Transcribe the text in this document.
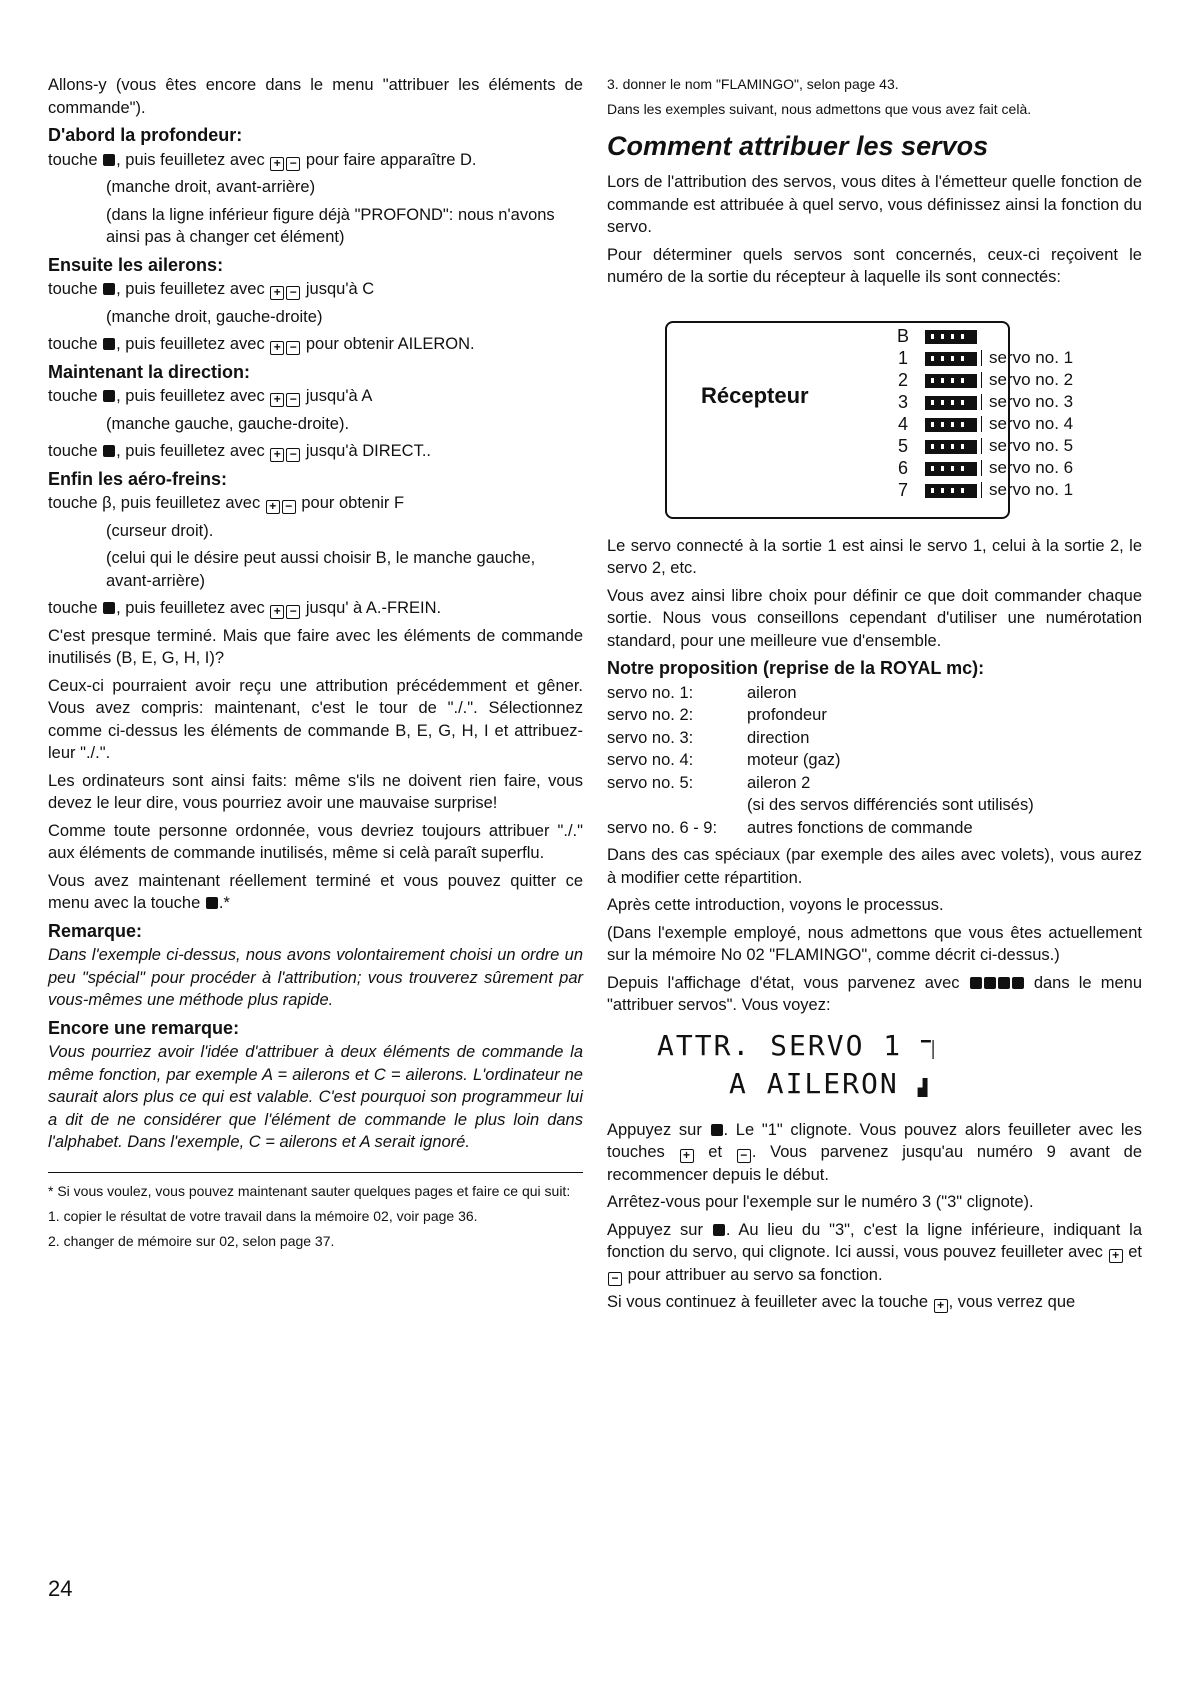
Allons-y (vous êtes encore dans le menu "attribuer les éléments de commande").

D'abord la profondeur:

touche , puis feuilletez avec + − pour faire apparaître D.

(manche droit, avant-arrière)

(dans la ligne inférieur figure déjà "PROFOND": nous n'avons ainsi pas à changer cet élément)

Ensuite les ailerons:

touche , puis feuilletez avec + − jusqu'à C

(manche droit, gauche-droite)

touche , puis feuilletez avec + − pour obtenir AILERON.

Maintenant la direction:

touche , puis feuilletez avec + − jusqu'à A

(manche gauche, gauche-droite).

touche , puis feuilletez avec + − jusqu'à DIRECT..

Enfin les aéro-freins:

touche β, puis feuilletez avec + − pour obtenir F

(curseur droit).

(celui qui le désire peut aussi choisir B, le manche gauche, avant-arrière)

touche , puis feuilletez avec + − jusqu' à A.-FREIN.

C'est presque terminé. Mais que faire avec les éléments de commande inutilisés (B, E, G, H, I)?

Ceux-ci pourraient avoir reçu une attribution précédemment et gêner. Vous avez compris: maintenant, c'est le tour de "./.". Sélectionnez comme ci-dessus les éléments de commande B, E, G, H, I et attribuez-leur "./.".

Les ordinateurs sont ainsi faits: même s'ils ne doivent rien faire, vous devez le leur dire, vous pourriez avoir une mauvaise surprise!

Comme toute personne ordonnée, vous devriez toujours attribuer "./." aux éléments de commande inutilisés, même si celà paraît superflu.

Vous avez maintenant réellement terminé et vous pouvez quitter ce menu avec la touche .*

Remarque:

Dans l'exemple ci-dessus, nous avons volontairement choisi un ordre un peu "spécial" pour procéder à l'attribution; vous trouverez sûrement par vous-mêmes une méthode plus rapide.

Encore une remarque:

Vous pourriez avoir l'idée d'attribuer à deux éléments de commande la même fonction, par exemple A = ailerons et C = ailerons. L'ordinateur ne saurait alors plus ce qui est valable. C'est pourquoi son programmeur lui a dit de ne considérer que l'élément de commande le plus loin dans l'alphabet. Dans l'exemple, C = ailerons et A serait ignoré.

* Si vous voulez, vous pouvez maintenant sauter quelques pages et faire ce qui suit:

1. copier le résultat de votre travail dans la mémoire 02, voir page 36.

2. changer de mémoire sur 02, selon page 37.

3. donner le nom "FLAMINGO", selon page 43.

Dans les exemples suivant, nous admettons que vous avez fait celà.

Comment attribuer les servos

Lors de l'attribution des servos, vous dites à l'émetteur quelle fonction de commande est attribuée à quel servo, vous définissez ainsi la fonction du servo.

Pour déterminer quels servos sont concernés, ceux-ci reçoivent le numéro de la sortie du récepteur à laquelle ils sont connectés:

Récepteur
B
1	servo no. 1
2	servo no. 2
3	servo no. 3
4	servo no. 4
5	servo no. 5
6	servo no. 6
7	servo no. 1

Le servo connecté à la sortie 1 est ainsi le servo 1, celui à la sortie 2, le servo 2, etc.

Vous avez ainsi libre choix pour définir ce que doit commander chaque sortie. Nous vous conseillons cependant d'utiliser une numérotation standard, pour une meilleure vue d'ensemble.

Notre proposition (reprise de la ROYAL mc):
servo no. 1:	aileron
servo no. 2:	profondeur
servo no. 3:	direction
servo no. 4:	moteur (gaz)
servo no. 5:	aileron 2
(si des servos différenciés sont utilisés)
servo no. 6 - 9:	autres fonctions de commande

Dans des cas spéciaux (par exemple des ailes avec volets), vous aurez à modifier cette répartition.

Après cette introduction, voyons le processus.

(Dans l'exemple employé, nous admettons que vous êtes actuellement sur la mémoire No 02 "FLAMINGO", comme décrit ci-dessus.)

Depuis l'affichage d'état, vous parvenez avec	dans le menu "attribuer servos". Vous voyez:

ATTR. SERVO 1 ▔▏
A AILERON ▟

Appuyez sur . Le "1" clignote. Vous pouvez alors feuilleter avec les touches + et − . Vous parvenez jusqu'au numéro 9 avant de recommencer depuis le début.

Arrêtez-vous pour l'exemple sur le numéro 3 ("3" clignote).

Appuyez sur . Au lieu du "3", c'est la ligne inférieure, indiquant la fonction du servo, qui clignote. Ici aussi, vous pouvez feuilleter avec + et − pour attribuer au servo sa fonction.

Si vous continuez à feuilleter avec la touche + , vous verrez que

24
